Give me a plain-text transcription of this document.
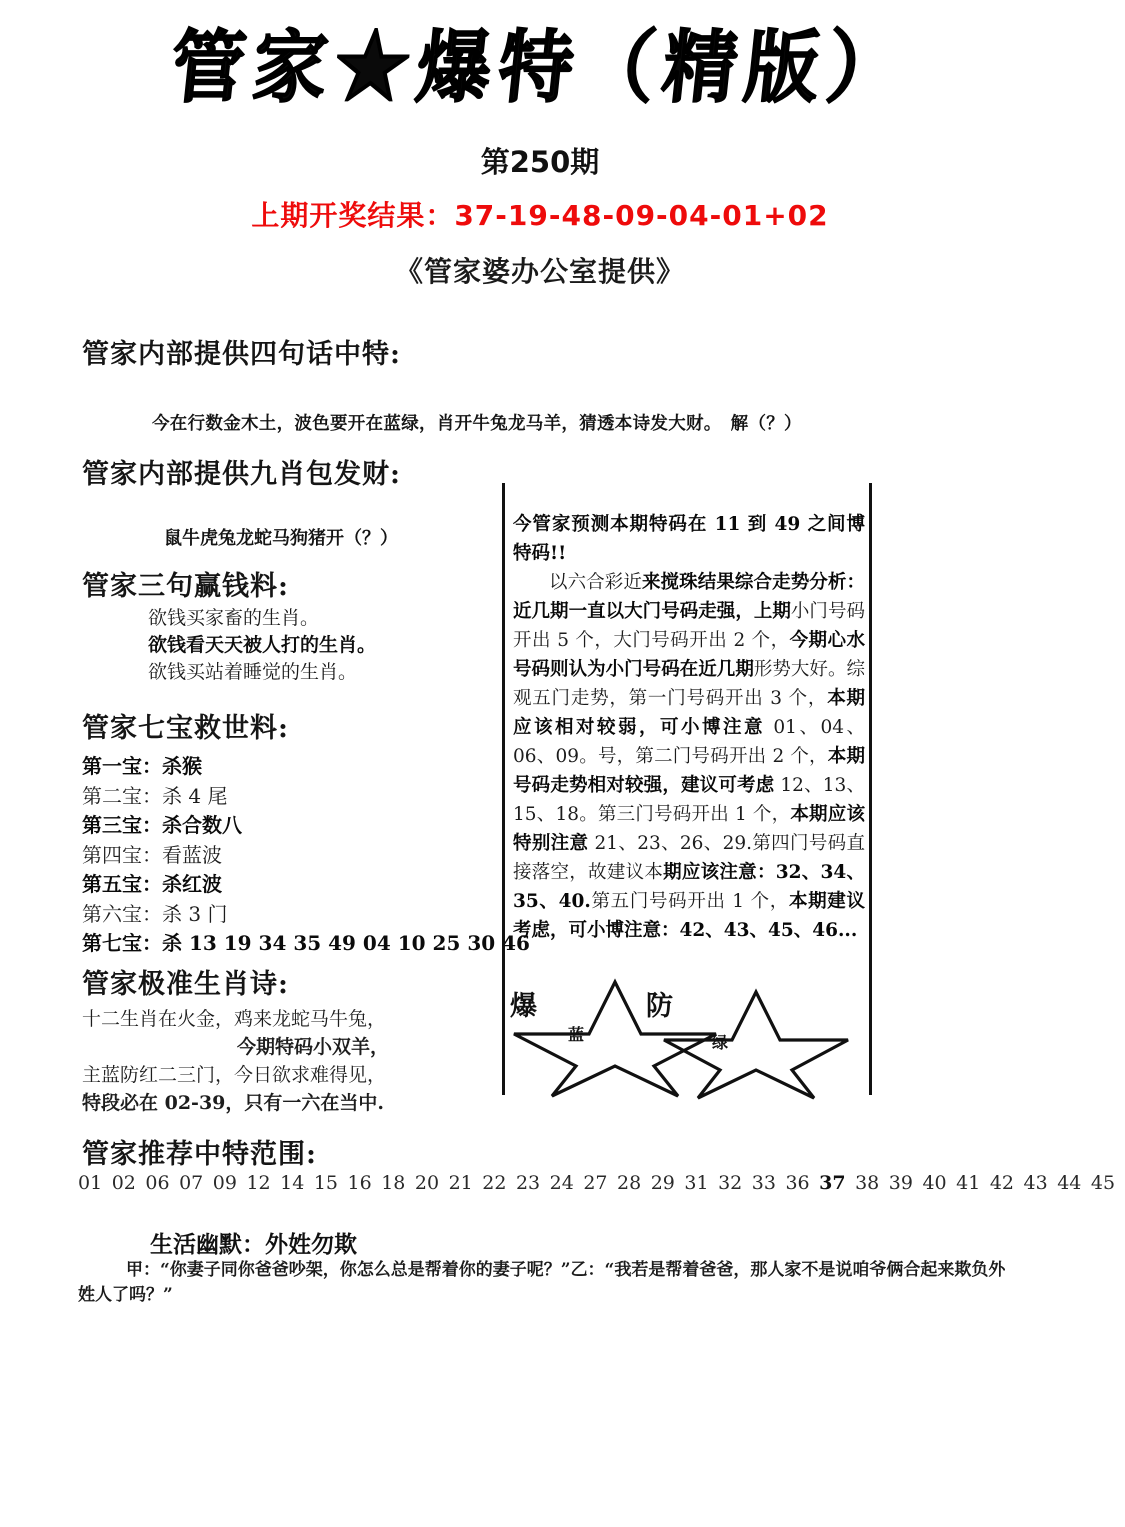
管家★爆特（精版）
第250期
上期开奖结果：37-19-48-09-04-01+02
《管家婆办公室提供》
管家内部提供四句话中特:
今在行数金木土，波色要开在蓝绿，肖开牛兔龙马羊，猜透本诗发大财。　解（？）
管家内部提供九肖包发财:
鼠牛虎兔龙蛇马狗猪开（？）
管家三句赢钱料:
欲钱买家畜的生肖。
欲钱看天天被人打的生肖。
欲钱买站着睡觉的生肖。
管家七宝救世料:
第一宝：杀猴
第二宝：杀 4 尾
第三宝：杀合数八
第四宝：看蓝波
第五宝：杀红波
第六宝：杀 3 门
第七宝：杀 13 19 34 35 49 04 10 25 30 46
管家极准生肖诗:
十二生肖在火金，鸡来龙蛇马牛兔，
今期特码小双羊，
主蓝防红二三门，今日欲求难得见，
特段必在 02-39，只有一六在当中.
管家推荐中特范围:
01 02 06 07 09 12 14 15 16 18 20 21 22 23 24 27 28 29 31 32 33 36 37 38 39 40 41 42 43 44 45
生活幽默：外姓勿欺
甲：“你妻子同你爸爸吵架，你怎么总是帮着你的妻子呢？”乙：“我若是帮着爸爸，那人家不是说咱爷俩合起来欺负外姓人了吗？”
今管家预测本期特码在 11 到 49 之间博特码!!
以六合彩近来搅珠结果综合走势分析：近几期一直以大门号码走强，上期小门号码开出 5 个，大门号码开出 2 个，今期心水号码则认为小门号码在近几期形势大好。综观五门走势，第一门号码开出 3 个，本期应该相对较弱，可小博注意 01、04、06、09。号，第二门号码开出 2 个，本期号码走势相对较强，建议可考虑 12、13、15、18。第三门号码开出 1 个，本期应该特别注意 21、23、26、29.第四门号码直接落空，故建议本期应该注意：32、34、35、40.第五门号码开出 1 个，本期建议考虑，可小博注意：42、43、45、46...
爆
蓝
防
绿
